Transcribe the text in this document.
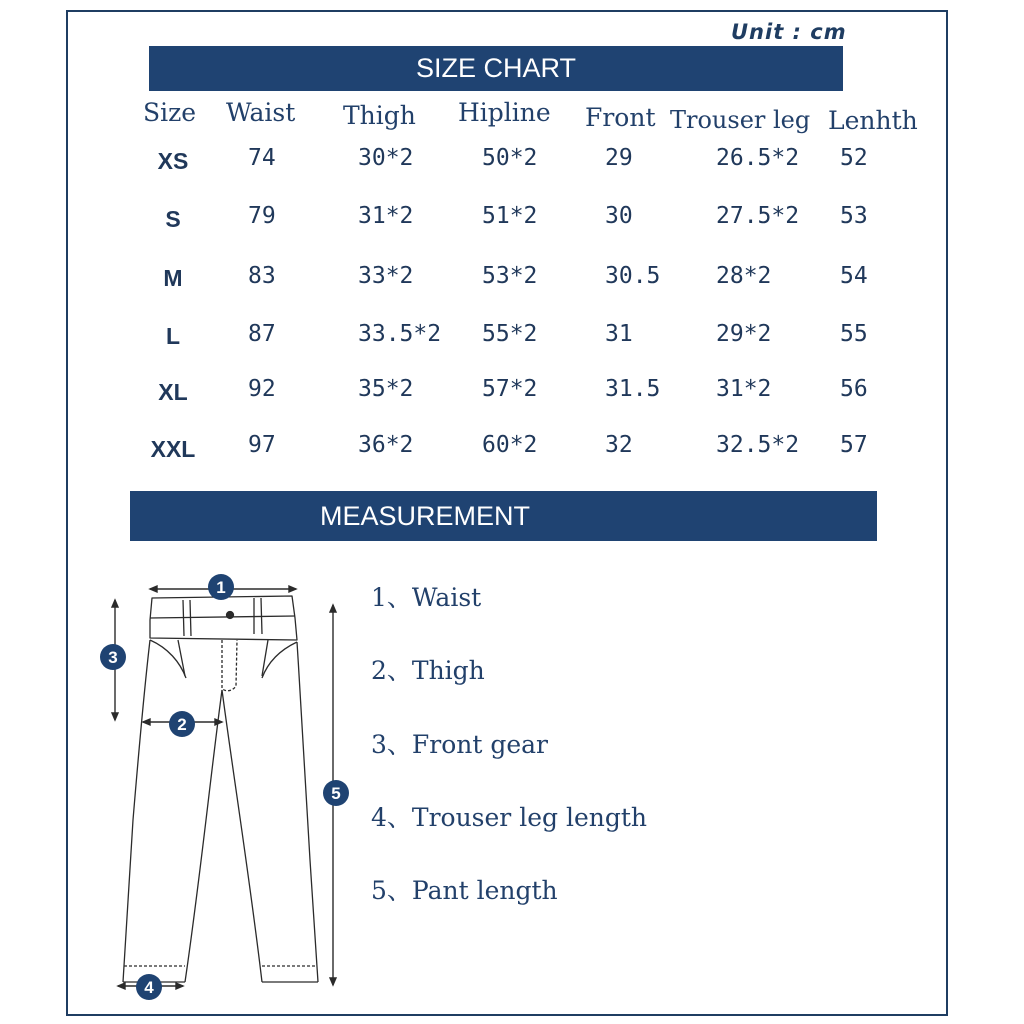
Unit : cm
SIZE CHART
Size Waist Thigh Hipline Front Trouser leg Lenhth
XS	74	30*2	50*2	29	26.5*2 52
S	79	31*2	51*2	30	27.5*2 53
M	83	33*2	53*2	30.5 28*2	54
L	87	33.5*2 55*2	31	29*2	55
XL	92	35*2	57*2	31.5 31*2	56
XXL	97	36*2	60*2	32	32.5*2 57
MEASUREMENT
1
2
3
4
5
1、Waist
2、Thigh
3、Front gear
4、Trouser leg length
5、Pant length
